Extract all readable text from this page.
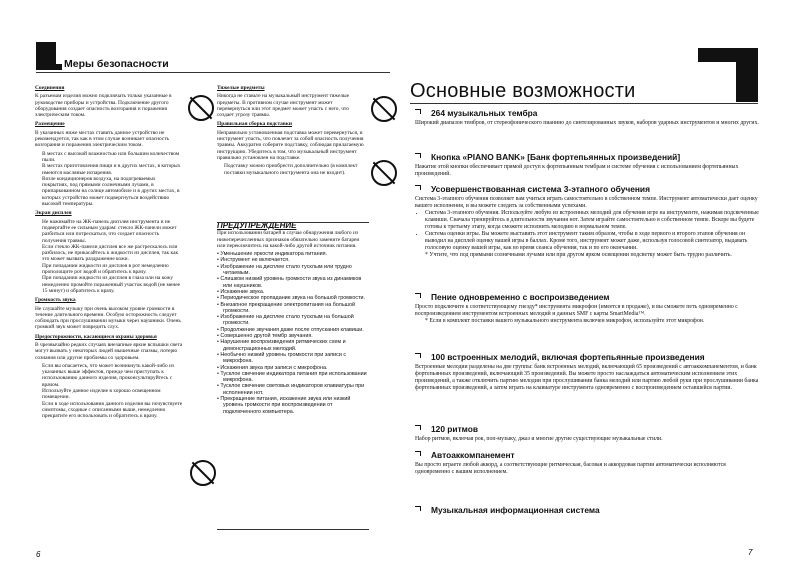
Меры безопасности

Соединения

К разъемам изделия можно подключать только указанные в руководстве приборы и устройства. Подключение другого оборудования создает опасность возгорания и поражения электрическим током.

Размещение

В указанных ниже местах ставить данное устройство не рекомендуется, так как в этом случае возникает опасность возгорания и поражения электрическим током.

• В местах с высокой влажностью или большим количеством пыли.
• В местах приготовления пищи и в других местах, в которых имеются масляные испарения.
• Возле кондиционеров воздуха, на подогреваемых покрытиях, под прямыми солнечными лучами, в припаркованном на солнце автомобиле и в других местах, в которых устройство может подвергнуться воздействию высокой температуры.

Экран дисплея

• Не нажимайте на ЖК-панель дисплея инструмента и не подвергайте ее сильным ударам: стекло ЖК-панели может разбиться или потрескаться, что создает опасность получения травмы.
• Если стекло ЖК-панели дисплея все же растрескалось или разбилось, не прикасайтесь к жидкости из дисплея, так как это может вызвать раздражение кожи.
• При попадании жидкости из дисплея в рот немедленно прополощите рот водой и обратитесь к врачу.
• При попадании жидкости из дисплея в глаза или на кожу немедленно промойте пораженный участок водой (не менее 15 минут) и обратитесь к врачу.

Громкость звука

Не слушайте музыку при очень высоком уровне громкости в течение длительного времени. Особую осторожность следует соблюдать при прослушивании музыки через наушники. Очень громкий звук может повредить слух.

Предосторожности, касающиеся охраны здоровья

В чрезвычайно редких случаях внезапные яркие вспышки света могут вызвать у некоторых людей мышечные спазмы, потерю сознания или другие проблемы со здоровьем.

• Если вы опасаетесь, что может возникнуть какой-либо из указанных выше эффектов, прежде чем приступать к использованию данного изделия, проконсультируйтесь с врачом.
• Используйте данное изделие в хорошо освещенном помещении.
• Если в ходе использования данного изделия вы почувствуете симптомы, сходные с описанными выше, немедленно прекратите его использовать и обратитесь к врачу.

Тяжелые предметы

Никогда не ставьте на музыкальный инструмент тяжелые предметы. В противном случае инструмент может перевернуться или этот предмет может упасть с него, что создает угрозу травмы.

Правильная сборка подставки

Неправильно установленная подставка может перевернуться, и инструмент упасть, что повлечет за собой опасность получения травмы. Аккуратно соберите подставку, соблюдая прилагаемую инструкцию. Убедитесь в том, что музыкальный инструмент правильно установлен на подставке.

• Подставку можно приобрести дополнительно (в комплект поставки музыкального инструмента она не входит).
ПРЕДУПРЕЖДЕНИЕ

При использовании батарей в случае обнаружения любого из нижеперечисленных признаков обязательно замените батареи или переключитесь на какой-либо другой источник питания.

• Уменьшение яркости индикатора питания.
• Инструмент не включается.
• Изображение на дисплее стало тусклым или трудно читаемым.
• Слишком низкий уровень громкости звука из динамиков или наушников.
• Искажение звука.
• Периодическое пропадание звука на большой громкости.
• Внезапное прекращение электропитания на большой громкости.
• Изображение на дисплее стало тусклым на большой громкости.
• Продолжение звучания даже после отпускания клавиши.
• Совершенно другой тембр звучания.
• Нарушение воспроизведения ритмических схем и демонстрационных мелодий.
• Необычно низкий уровень громкости при записи с микрофона.
• Искажения звука при записи с микрофона.
• Тусклое свечение индикатора питания при использовании микрофона.
• Тусклое свечение световых индикаторов клавиатуры при исполнении нот.
• Прекращение питания, искажение звука или низкий уровень громкости при воспроизведении от подключенного компьютера.
6
Основные возможности
264 музыкальных тембра

Широкий диапазон тембров, от стереофонического пианино до синтезированных звуков, наборов ударных инструментов и многих других.

Кнопка «PIANO BANK» [Банк фортепьянных произведений]

Нажатие этой кнопки обеспечивает прямой доступ к фортепьянным тембрам и системе обучения с использованием фортепьянных произведений.

Усовершенствованная система 3-этапного обучения

Система 3-этапного обучения позволяет вам учиться играть самостоятельно в собственном темпе. Инструмент автоматически дает оценку вашего исполнения, и вы можете следить за собственными успехами.

• Система 3-этапного обучения. Используйте любую из встроенных мелодий для обучения игре на инструменте, нажимая подсвеченные клавиши. Сначала тренируйтесь в длительности звучания нот. Затем играйте самостоятельно в собственном темпе. Вскоре вы будете готовы к третьему этапу, когда сможете исполнить мелодию в нормальном темпе.
• Система оценки игры. Вы можете выставить этот инструмент таким образом, чтобы в ходе первого и второго этапов обучения он выводил на дисплей оценку вашей игры в баллах. Кроме того, инструмент может даже, используя голосовой синтезатор, выдавать голосовую оценку вашей игры, как во время сеанса обучения, так и по его окончании.

* Учтите, что под прямыми солнечными лучами или при другом ярком освещении подсветку может быть трудно различить.

Пение одновременно с воспроизведением

Просто подключите к соответствующему гнезду* инструмента микрофон (имеется в продаже), и вы сможете петь одновременно с воспроизведением инструментом встроенных мелодий и данных SMF с карты SmartMedia™.

* Если в комплект поставки вашего музыкального инструмента включен микрофон, используйте этот микрофон.

100 встроенных мелодий, включая фортепьянные произведения

Встроенные мелодии разделены на две группы: банк встроенных мелодий, включающий 65 произведений с автоаккомпанементом, и банк фортепьянных произведений, включающий 35 произведений. Вы можете просто наслаждаться автоматическим исполнением этих произведений, а также отключить партию мелодии при прослушивании банка мелодий или партию любой руки при прослушивании банка фортепьянных произведений, а затем играть на клавиатуре инструмента одновременно с воспроизведением оставшейся партии.

120 ритмов

Набор ритмов, включая рок, поп-музыку, джаз и многие другие существующие музыкальные стили.

Автоаккомпанемент

Вы просто играете любой аккорд, а соответствующие ритмическая, басовая и аккордовая партии автоматически исполняются одновременно с вашим исполнением.

Музыкальная информационная система
7
